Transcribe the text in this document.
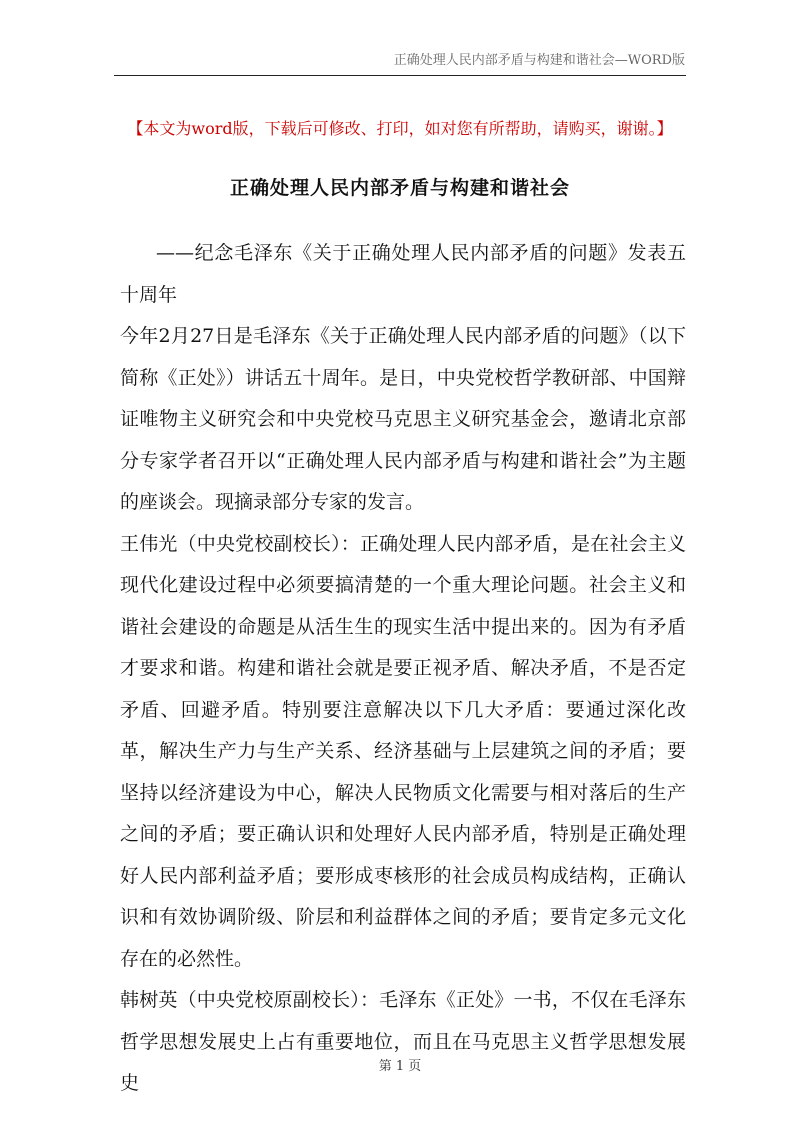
正确处理人民内部矛盾与构建和谐社会—WORD版
【本文为word版，下载后可修改、打印，如对您有所帮助，请购买，谢谢。】
正确处理人民内部矛盾与构建和谐社会

——纪念毛泽东《关于正确处理人民内部矛盾的问题》发表五十周年

今年2月27日是毛泽东《关于正确处理人民内部矛盾的问题》（以下简称《正处》）讲话五十周年。是日，中央党校哲学教研部、中国辩证唯物主义研究会和中央党校马克思主义研究基金会，邀请北京部分专家学者召开以“正确处理人民内部矛盾与构建和谐社会”为主题的座谈会。现摘录部分专家的发言。

王伟光（中央党校副校长）：正确处理人民内部矛盾，是在社会主义现代化建设过程中必须要搞清楚的一个重大理论问题。社会主义和谐社会建设的命题是从活生生的现实生活中提出来的。因为有矛盾才要求和谐。构建和谐社会就是要正视矛盾、解决矛盾，不是否定矛盾、回避矛盾。特别要注意解决以下几大矛盾：要通过深化改革，解决生产力与生产关系、经济基础与上层建筑之间的矛盾；要坚持以经济建设为中心，解决人民物质文化需要与相对落后的生产之间的矛盾；要正确认识和处理好人民内部矛盾，特别是正确处理好人民内部利益矛盾；要形成枣核形的社会成员构成结构，正确认识和有效协调阶级、阶层和利益群体之间的矛盾；要肯定多元文化存在的必然性。

韩树英（中央党校原副校长）：毛泽东《正处》一书，不仅在毛泽东哲学思想发展史上占有重要地位，而且在马克思主义哲学思想发展史

第 1 页
